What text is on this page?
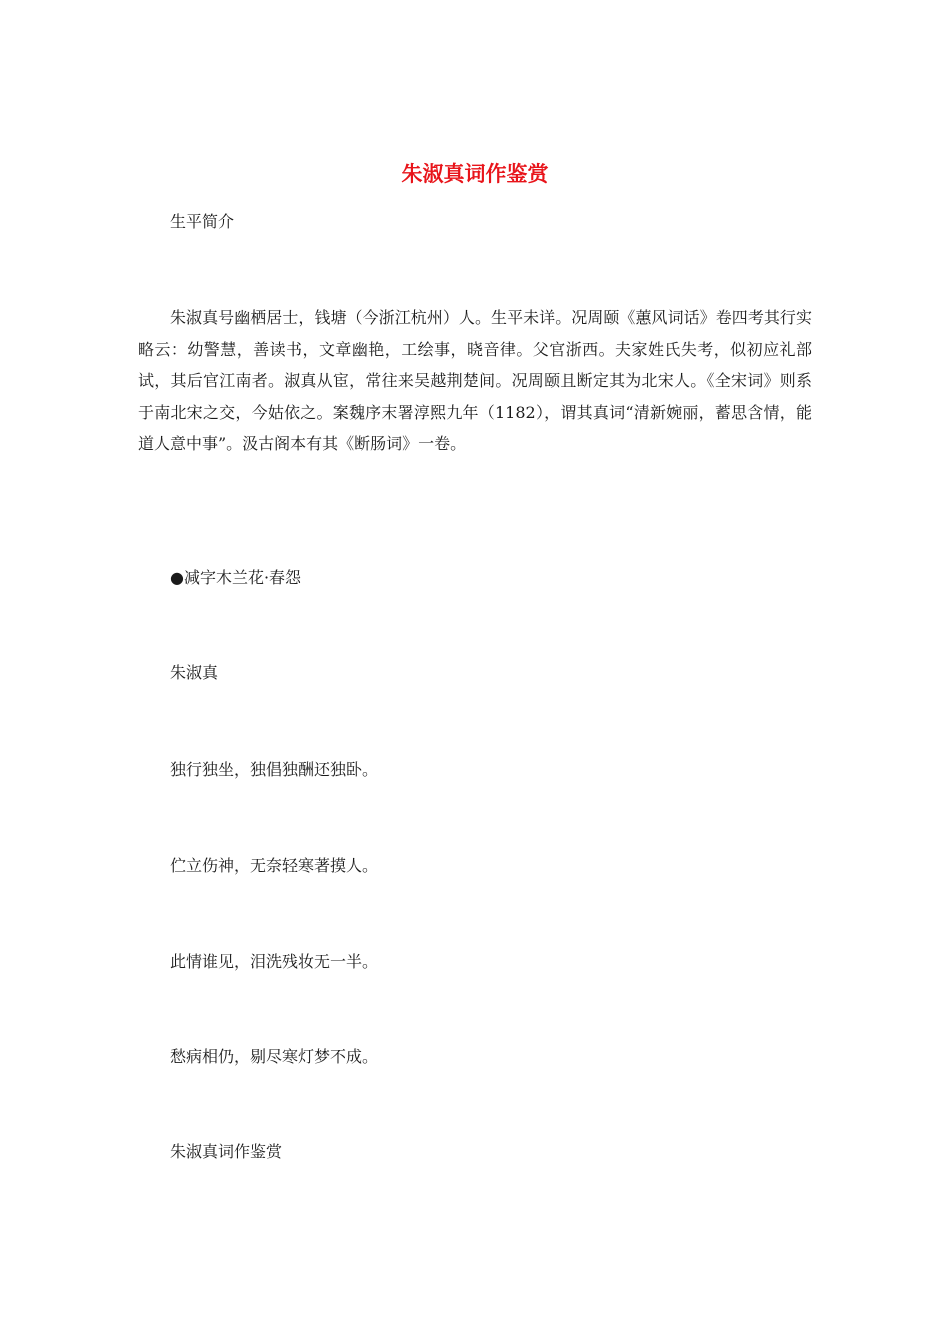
朱淑真词作鉴赏
生平简介
朱淑真号幽栖居士，钱塘（今浙江杭州）人。生平未详。况周颐《蕙风词话》卷四考其行实略云：幼警慧，善读书，文章幽艳，工绘事，晓音律。父官浙西。夫家姓氏失考，似初应礼部试，其后官江南者。淑真从宦，常往来吴越荆楚间。况周颐且断定其为北宋人。《全宋词》则系于南北宋之交，今姑依之。案魏序末署淳熙九年（1182），谓其真词“清新婉丽，蓄思含情，能道人意中事”。汲古阁本有其《断肠词》一卷。
●减字木兰花·春怨
朱淑真
独行独坐，独倡独酬还独卧。
伫立伤神，无奈轻寒著摸人。
此情谁见，泪洗残妆无一半。
愁病相仍，剔尽寒灯梦不成。
朱淑真词作鉴赏
